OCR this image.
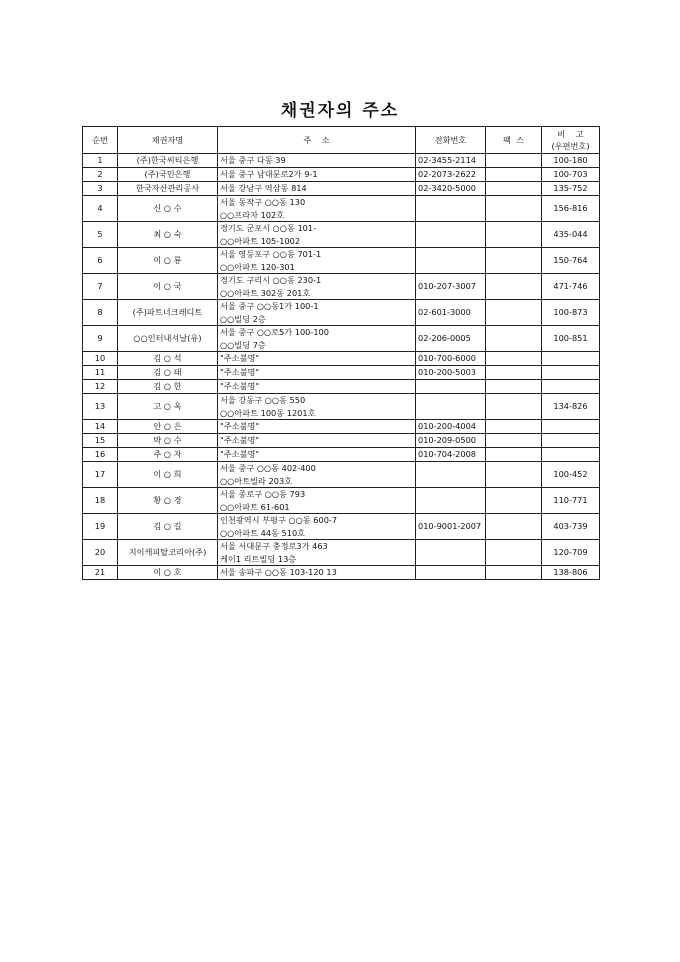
채권자의 주소
순번	채권자명	주    소	전화번호	팩  스	비    고
(우편번호)

1	(주)한국씨티은행	서울 중구 다동 39	02-3455-2114		100-180
2	(주)국민은행	서울 중구 남대문로2가 9-1	02-2073-2622		100-703
3	한국자산관리공사	서울 강남구 역삼동 814	02-3420-5000		135-752
4	신 ○ 수	서울 동작구 ○○동 130
○○프라자 102호			156-816
5	최 ○ 숙	경기도 군포시 ○○동 101-
○○아파트 105-1002			435-044
6	이 ○ 룡	서울 영등포구 ○○동 701-1
○○아파트 120-301			150-764
7	이 ○ 국	경기도 구리시 ○○동 230-1
○○아파트 302동 201호	010-207-3007		471-746
8	(주)파트너크레디트	서울 중구 ○○동1가 100-1
○○빌딩 2층	02-601-3000		100-873
9	○○인터내셔날(유)	서울 중구 ○○로5가 100-100
○○빌딩 7층	02-206-0005		100-851
10	김 ○ 석	"주소불명"	010-700-6000		
11	김 ○ 태	"주소불명"	010-200-5003		
12	김 ○ 한	"주소불명"			

13	고 ○ 옥	서울 강동구 ○○동 550
○○아파트 100동 1201호			134-826
14	안 ○ 은	"주소불명"	010-200-4004		
15	박 ○ 수	"주소불명"	010-209-0500		
16	주 ○ 자	"주소불명"	010-704-2008		
17	이 ○ 희	서울 중구 ○○동 402-400
○○아트빌라 203호			100-452
18	황 ○ 경	서울 종로구 ○○동 793
○○아파트 61-601			110-771
19	김 ○ 길	인천광역시 부평구 ○○동 600-7
○○아파트 44동 510호	010-9001-2007		403-739
20	지이캐피탈코리아(주)	서울 서대문구 충정로3가 463
케이1 리트빌딩 13층			120-709
21	이 ○ 호	서울 송파구 ○○동 103-120 13			138-806
